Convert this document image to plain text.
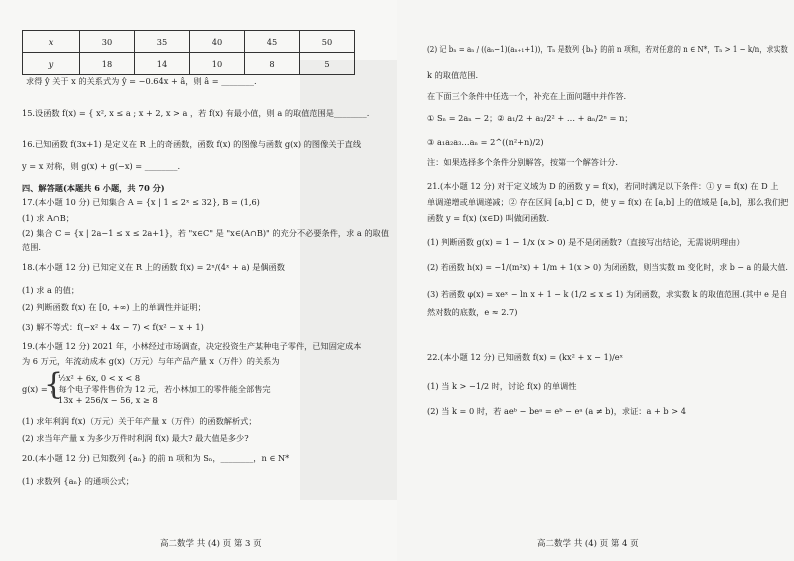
x	30	35	40	45	50
y	18	14	10	8	5
求得 ŷ 关于 x 的关系式为 ŷ = −0.64x + â，则 â = ________.
15.设函数 f(x) = { x², x ≤ a ; x + 2, x > a ，若 f(x) 有最小值，则 a 的取值范围是________.
16.已知函数 f(3x+1) 是定义在 R 上的奇函数，函数 f(x) 的图像与函数 g(x) 的图像关于直线
y = x 对称，则 g(x) + g(−x) = ________.
四、解答题(本题共 6 小题，共 70 分)
17.(本小题 10 分) 已知集合 A = {x | 1 ≤ 2ˣ ≤ 32}, B = (1,6)
(1) 求 A∩B；
(2) 集合 C = {x | 2a−1 ≤ x ≤ 2a+1}，若 "x∈C" 是 "x∈(A∩B)" 的充分不必要条件，求 a 的取值
范围.
18.(本小题 12 分) 已知定义在 R 上的函数 f(x) = 2ˣ/(4ˣ + a) 是偶函数
(1) 求 a 的值；
(2) 判断函数 f(x) 在 [0, +∞) 上的单调性并证明；
(3) 解不等式：f(−x² + 4x − 7) < f(x² − x + 1)
19.(本小题 12 分) 2021 年，小林经过市场调查，决定投资生产某种电子零件，已知固定成本
为 6 万元，年流动成本 g(x)（万元）与年产品产量 x（万件）的关系为
{
½x² + 6x, 0 < x < 8
13x + 256/x − 56, x ≥ 8
g(x) = ，每个电子零件售价为 12 元，若小林加工的零件能全部售完
(1) 求年利润 f(x)（万元）关于年产量 x（万件）的函数解析式；
(2) 求当年产量 x 为多少万件时利润 f(x) 最大? 最大值是多少?
20.(本小题 12 分) 已知数列 {aₙ} 的前 n 项和为 Sₙ，________，n ∈ N*
(1) 求数列 {aₙ} 的通项公式；
高二数学 共 (4) 页 第 3 页
(2) 记 bₙ = aₙ / ((aₙ−1)(aₙ₊₁+1))，Tₙ 是数列 {bₙ} 的前 n 项和，若对任意的 n ∈ N*，Tₙ > 1 − k/n，求实数
k 的取值范围.
在下面三个条件中任选一个，补充在上面问题中并作答.
① Sₙ = 2aₙ − 2；② a₁/2 + a₂/2² + … + aₙ/2ⁿ = n；
③ a₁a₂a₃…aₙ = 2^((n²+n)/2)
注：如果选择多个条件分别解答，按第一个解答计分.
21.(本小题 12 分) 对于定义域为 D 的函数 y = f(x)，若同时满足以下条件：① y = f(x) 在 D 上
单调递增或单调递减；② 存在区间 [a,b] ⊂ D，使 y = f(x) 在 [a,b] 上的值域是 [a,b]，那么我们把
函数 y = f(x) (x∈D) 叫做闭函数.
(1) 判断函数 g(x) = 1 − 1/x (x > 0) 是不是闭函数?（直接写出结论，无需说明理由）
(2) 若函数 h(x) = −1/(m²x) + 1/m + 1(x > 0) 为闭函数，则当实数 m 变化时，求 b − a 的最大值.
(3) 若函数 φ(x) = xeˣ − ln x + 1 − k (1/2 ≤ x ≤ 1) 为闭函数，求实数 k 的取值范围.(其中 e 是自
然对数的底数，e ≈ 2.7)
22.(本小题 12 分) 已知函数 f(x) = (kx² + x − 1)/eˣ
(1) 当 k > −1/2 时，讨论 f(x) 的单调性
(2) 当 k = 0 时，若 aeᵇ − beᵃ = eᵇ − eᵃ (a ≠ b)，求证：a + b > 4
高二数学 共 (4) 页 第 4 页
